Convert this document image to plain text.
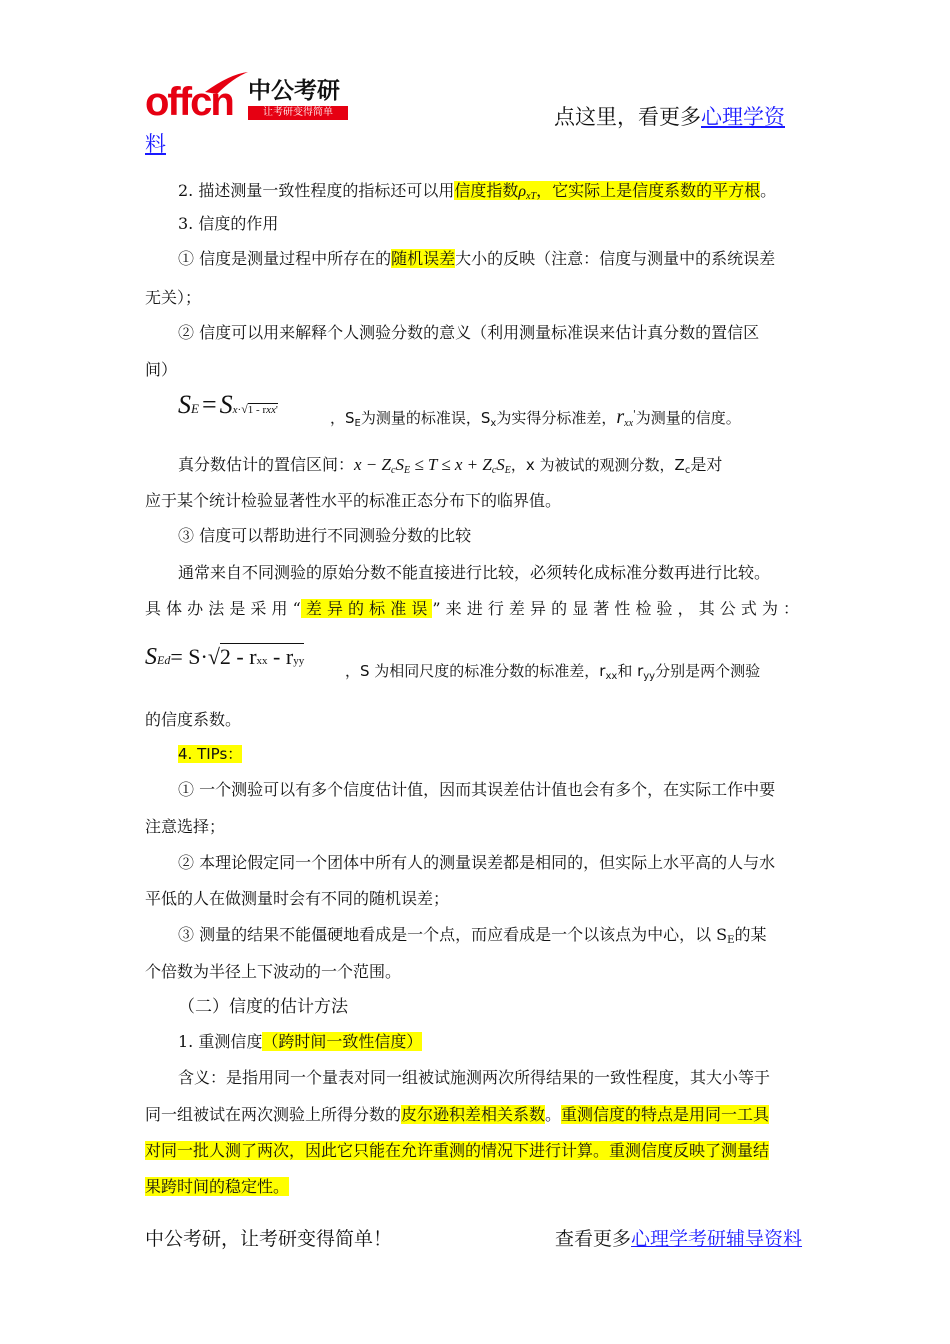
offcn 中公考研
让考研变得简单	点这里，看更多心理学资
料
2. 描述测量一致性程度的指标还可以用信度指数$\rho_{xT}$，它实际上是信度系数的平方根。
3. 信度的作用
① 信度是测量过程中所存在的随机误差大小的反映（注意：信度与测量中的系统误差
无关）；
② 信度可以用来解释个人测验分数的意义（利用测量标准误来估计真分数的置信区
间）
SE = Sx·√1 - rxx'	，$S_E$为测量的标准误，$S_x$为实得分标准差，$r_{xx}'$为测量的信度。
真分数估计的置信区间：$x - Z_cS_E \le T \le x + Z_cS_E$，x 为被试的观测分数，$Z_c$是对
应于某个统计检验显著性水平的标准正态分布下的临界值。
③ 信度可以帮助进行不同测验分数的比较
通常来自不同测验的原始分数不能直接进行比较，必须转化成标准分数再进行比较。
具 体 办 法 是 采 用 “ 差 异 的 标 准 误 ” 来 进 行 差 异 的 显 著 性 检 验 ， 其 公 式 为 ：
SEd= S·√2 - rxx - ryy
，S 为相同尺度的标准分数的标准差，$r_{xx}$和 $r_{yy}$分别是两个测验
的信度系数。
4. TIPs：
① 一个测验可以有多个信度估计值，因而其误差估计值也会有多个，在实际工作中要
注意选择；
② 本理论假定同一个团体中所有人的测量误差都是相同的，但实际上水平高的人与水
平低的人在做测量时会有不同的随机误差；
③ 测量的结果不能僵硬地看成是一个点，而应看成是一个以该点为中心，以 $S_E$的某
个倍数为半径上下波动的一个范围。
（二）信度的估计方法
1. 重测信度（跨时间一致性信度）
含义：是指用同一个量表对同一组被试施测两次所得结果的一致性程度，其大小等于
同一组被试在两次测验上所得分数的皮尔逊积差相关系数。重测信度的特点是用同一工具
对同一批人测了两次，因此它只能在允许重测的情况下进行计算。重测信度反映了测量结
果跨时间的稳定性。
中公考研，让考研变得简单！	查看更多心理学考研辅导资料
